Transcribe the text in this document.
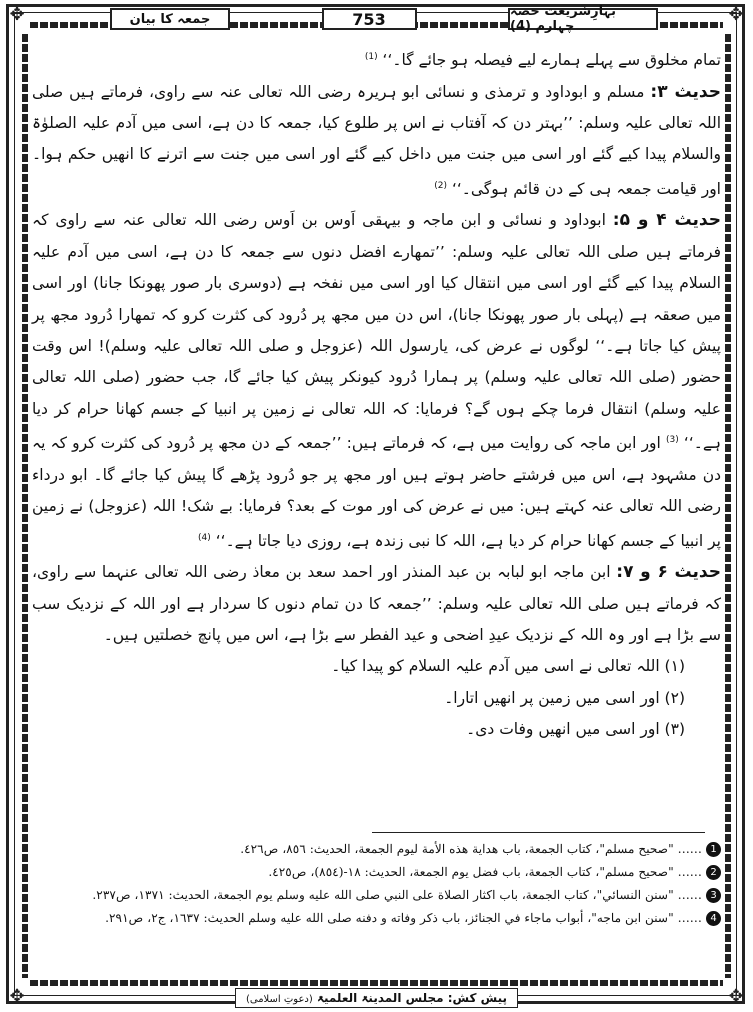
✥	✥
✥	✥
جمعہ کا بیان	753	بہارِشریعت حصہ چہارم (4)

تمام مخلوق سے پہلے ہمارے لیے فیصلہ ہو جائے گا۔‘‘ $^{(1)}$

حدیث ۳: مسلم و ابوداود و ترمذی و نسائی ابو ہریرہ رضی اللہ تعالی عنہ سے راوی، فرماتے ہیں صلی اللہ تعالی علیہ وسلم: ’’بہتر دن کہ آفتاب نے اس پر طلوع کیا، جمعہ کا دن ہے، اسی میں آدم علیہ الصلوٰۃ والسلام پیدا کیے گئے اور اسی میں جنت میں داخل کیے گئے اور اسی میں جنت سے اترنے کا انھیں حکم ہوا۔ اور قیامت جمعہ ہی کے دن قائم ہوگی۔‘‘ $^{(2)}$

حدیث ۴ و ۵: ابوداود و نسائی و ابن ماجہ و بیہقی اَوس بن اَوس رضی اللہ تعالی عنہ سے راوی کہ فرماتے ہیں صلی اللہ تعالی علیہ وسلم: ’’تمھارے افضل دنوں سے جمعہ کا دن ہے، اسی میں آدم علیہ السلام پیدا کیے گئے اور اسی میں انتقال کیا اور اسی میں نفخہ ہے (دوسری بار صور پھونکا جانا) اور اسی میں صعقہ ہے (پہلی بار صور پھونکا جانا)، اس دن میں مجھ پر دُرود کی کثرت کرو کہ تمھارا دُرود مجھ پر پیش کیا جاتا ہے۔‘‘ لوگوں نے عرض کی، یارسول اللہ (عزوجل و صلی اللہ تعالی علیہ وسلم)! اس وقت حضور (صلی اللہ تعالی علیہ وسلم) پر ہمارا دُرود کیونکر پیش کیا جائے گا، جب حضور (صلی اللہ تعالی علیہ وسلم) انتقال فرما چکے ہوں گے؟ فرمایا: کہ اللہ تعالی نے زمین پر انبیا کے جسم کھانا حرام کر دیا ہے۔‘‘ $^{(3)}$ اور ابن ماجہ کی روایت میں ہے، کہ فرماتے ہیں: ’’جمعہ کے دن مجھ پر دُرود کی کثرت کرو کہ یہ دن مشہود ہے، اس میں فرشتے حاضر ہوتے ہیں اور مجھ پر جو دُرود پڑھے گا پیش کیا جائے گا۔ ابو درداء رضی اللہ تعالی عنہ کہتے ہیں: میں نے عرض کی اور موت کے بعد؟ فرمایا: بے شک! اللہ (عزوجل) نے زمین پر انبیا کے جسم کھانا حرام کر دیا ہے، اللہ کا نبی زندہ ہے، روزی دیا جاتا ہے۔‘‘ $^{(4)}$

حدیث ۶ و ۷: ابن ماجہ ابو لبابہ بن عبد المنذر اور احمد سعد بن معاذ رضی اللہ تعالی عنہما سے راوی، کہ فرماتے ہیں صلی اللہ تعالی علیہ وسلم: ’’جمعہ کا دن تمام دنوں کا سردار ہے اور اللہ کے نزدیک سب سے بڑا ہے اور وہ اللہ کے نزدیک عیدِ اضحی و عید الفطر سے بڑا ہے، اس میں پانچ خصلتیں ہیں۔

(۱) اللہ تعالی نے اسی میں آدم علیہ السلام کو پیدا کیا۔

(۲) اور اسی میں زمین پر انھیں اتارا۔

(۳) اور اسی میں انھیں وفات دی۔

1
…… "صحیح مسلم"، كتاب الجمعة، باب هداية هذه الأمة ليوم الجمعة، الحديث: ٨٥٦، ص٤٢٦.
2
…… "صحیح مسلم"، كتاب الجمعة، باب فضل يوم الجمعة، الحديث: ١٨-(٨٥٤)، ص٤٢٥.
3
…… "سنن النسائي"، كتاب الجمعة، باب اكثار الصلاة على النبي صلى الله عليه وسلم يوم الجمعة، الحديث: ١٣٧١، ص٢٣٧.
4
…… "سنن ابن ماجه"، أبواب ماجاء في الجنائز، باب ذكر وفاته و دفنه صلى الله عليه وسلم الحديث: ١٦٣٧، ج٢، ص٢٩١.
پیش کش: مجلس المدینۃ العلمیۃ (دعوتِ اسلامی)
